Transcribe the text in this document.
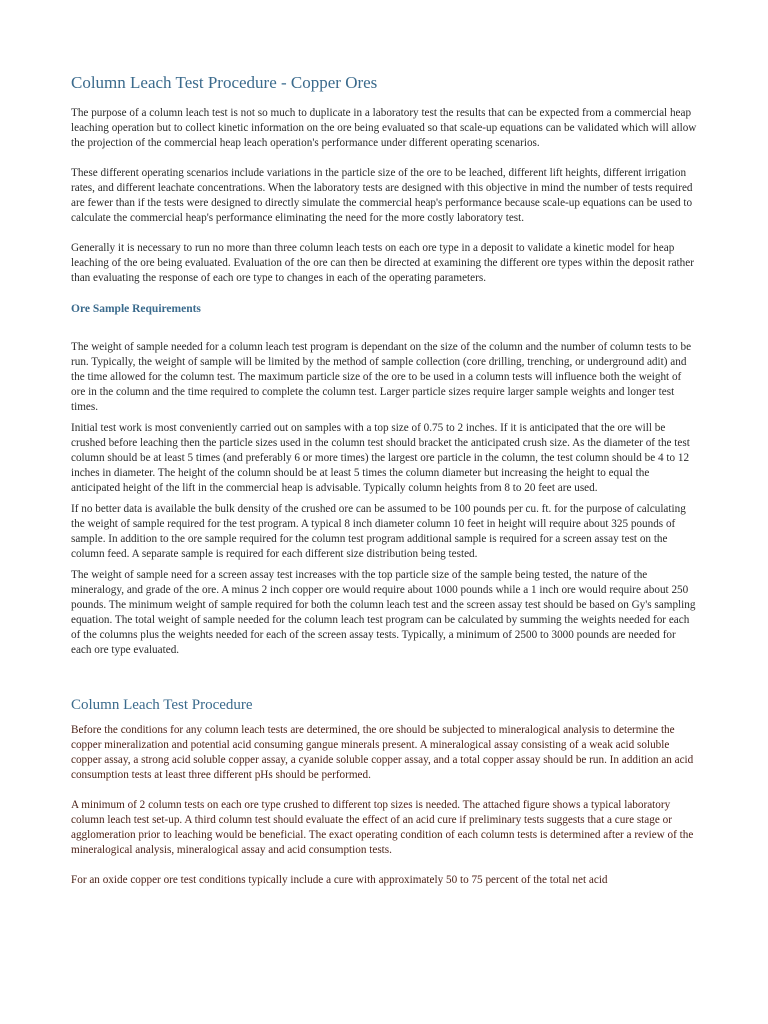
Column Leach Test Procedure - Copper Ores

The purpose of a column leach test is not so much to duplicate in a laboratory test the results that can be expected from a commercial heap leaching operation but to collect kinetic information on the ore being evaluated so that scale-up equations can be validated which will allow the projection of the commercial heap leach operation's performance under different operating scenarios.

These different operating scenarios include variations in the particle size of the ore to be leached, different lift heights, different irrigation rates, and different leachate concentrations. When the laboratory tests are designed with this objective in mind the number of tests required are fewer than if the tests were designed to directly simulate the commercial heap's performance because scale-up equations can be used to calculate the commercial heap's performance eliminating the need for the more costly laboratory test.

Generally it is necessary to run no more than three column leach tests on each ore type in a deposit to validate a kinetic model for heap leaching of the ore being evaluated. Evaluation of the ore can then be directed at examining the different ore types within the deposit rather than evaluating the response of each ore type to changes in each of the operating parameters.

Ore Sample Requirements

The weight of sample needed for a column leach test program is dependant on the size of the column and the number of column tests to be run. Typically, the weight of sample will be limited by the method of sample collection (core drilling, trenching, or underground adit) and the time allowed for the column test. The maximum particle size of the ore to be used in a column tests will influence both the weight of ore in the column and the time required to complete the column test. Larger particle sizes require larger sample weights and longer test times.

Initial test work is most conveniently carried out on samples with a top size of 0.75 to 2 inches. If it is anticipated that the ore will be crushed before leaching then the particle sizes used in the column test should bracket the anticipated crush size. As the diameter of the test column should be at least 5 times (and preferably 6 or more times) the largest ore particle in the column, the test column should be 4 to 12 inches in diameter. The height of the column should be at least 5 times the column diameter but increasing the height to equal the anticipated height of the lift in the commercial heap is advisable. Typically column heights from 8 to 20 feet are used.

If no better data is available the bulk density of the crushed ore can be assumed to be 100 pounds per cu. ft. for the purpose of calculating the weight of sample required for the test program. A typical 8 inch diameter column 10 feet in height will require about 325 pounds of sample. In addition to the ore sample required for the column test program additional sample is required for a screen assay test on the column feed. A separate sample is required for each different size distribution being tested.

The weight of sample need for a screen assay test increases with the top particle size of the sample being tested, the nature of the mineralogy, and grade of the ore. A minus 2 inch copper ore would require about 1000 pounds while a 1 inch ore would require about 250 pounds. The minimum weight of sample required for both the column leach test and the screen assay test should be based on Gy's sampling equation. The total weight of sample needed for the column leach test program can be calculated by summing the weights needed for each of the columns plus the weights needed for each of the screen assay tests. Typically, a minimum of 2500 to 3000 pounds are needed for each ore type evaluated.

Column Leach Test Procedure

Before the conditions for any column leach tests are determined, the ore should be subjected to mineralogical analysis to determine the copper mineralization and potential acid consuming gangue minerals present. A mineralogical assay consisting of a weak acid soluble copper assay, a strong acid soluble copper assay, a cyanide soluble copper assay, and a total copper assay should be run. In addition an acid consumption tests at least three different pHs should be performed.

A minimum of 2 column tests on each ore type crushed to different top sizes is needed. The attached figure shows a typical laboratory column leach test set-up. A third column test should evaluate the effect of an acid cure if preliminary tests suggests that a cure stage or agglomeration prior to leaching would be beneficial. The exact operating condition of each column tests is determined after a review of the mineralogical analysis, mineralogical assay and acid consumption tests.

For an oxide copper ore test conditions typically include a cure with approximately 50 to 75 percent of the total net acid
